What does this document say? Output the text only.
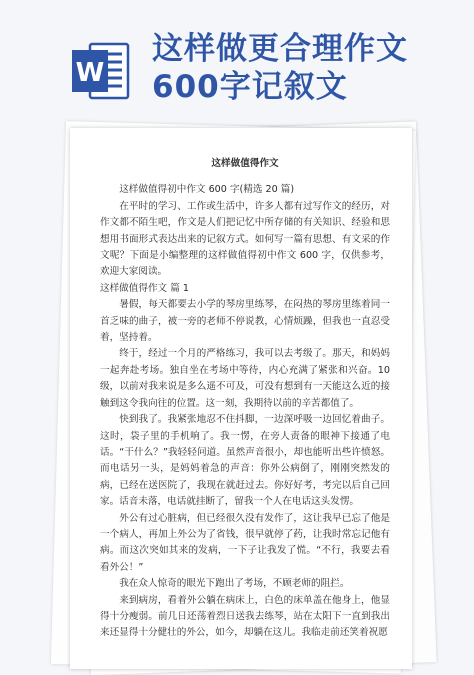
W
这样做更合理作文
600字记叙文
这样做值得作文

这样做值得初中作文 600 字(精选 20 篇)

在平时的学习、工作或生活中，许多人都有过写作文的经历，对作文都不陌生吧，作文是人们把记忆中所存储的有关知识、经验和思想用书面形式表达出来的记叙方式。如何写一篇有思想、有文采的作文呢？下面是小编整理的这样做值得初中作文 600 字，仅供参考，欢迎大家阅读。

这样做值得作文 篇 1

暑假，每天都要去小学的琴房里练琴，在闷热的琴房里练着同一首乏味的曲子，被一旁的老师不停说教，心情烦躁，但我也一直忍受着，坚持着。

终于，经过一个月的严格练习，我可以去考级了。那天，和妈妈一起奔赴考场。独自坐在考场中等待，内心充满了紧张和兴奋。10 级，以前对我来说是多么遥不可及，可没有想到有一天能这么近的接触到这令我向往的位置。这一刻，我期待以前的辛苦都值了。

快到我了。我紧张地忍不住抖脚，一边深呼吸一边回忆着曲子。这时，袋子里的手机响了。我一愣，在旁人责备的眼神下接通了电话。“干什么？”我轻轻问道。虽然声音很小，却也能听出些许愤怒。而电话另一头，是妈妈着急的声音：你外公病倒了，刚刚突然发的病，已经在送医院了，我现在就赶过去。你好好考，考完以后自己回家。话音未落，电话就挂断了，留我一个人在电话这头发愣。

外公有过心脏病，但已经很久没有发作了，这让我早已忘了他是一个病人，再加上外公为了省钱，很早就停了药，让我时常忘记他有病。而这次突如其来的发病，一下子让我发了慌。“不行，我要去看看外公！”

我在众人惊奇的眼光下跑出了考场，不顾老师的阻拦。

来到病房，看着外公躺在病床上，白色的床单盖在他身上，他显得十分瘦弱。前几日还荡着烈日送我去练琴，站在太阳下一直到我出来还显得十分健壮的外公，如今，却躺在这儿。我临走前还笑着祝愿
